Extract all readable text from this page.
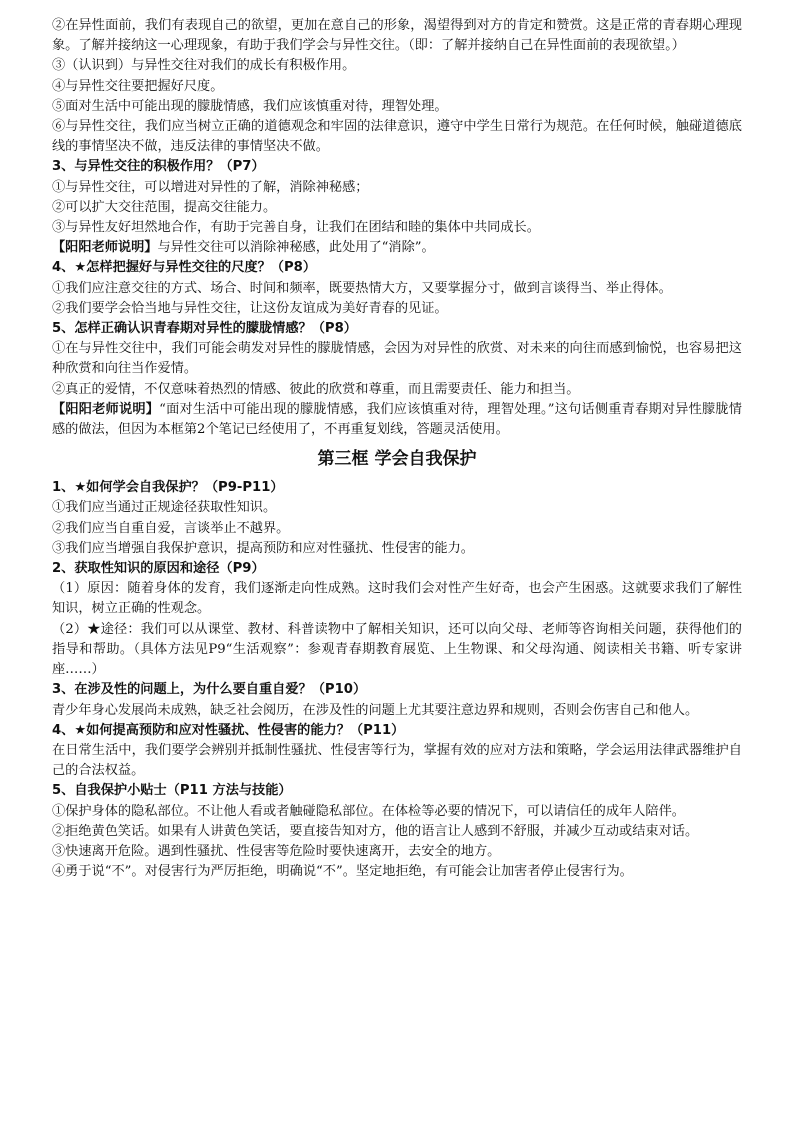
②在异性面前，我们有表现自己的欲望，更加在意自己的形象，渴望得到对方的肯定和赞赏。这是正常的青春期心理现象。了解并接纳这一心理现象，有助于我们学会与异性交往。（即：了解并接纳自己在异性面前的表现欲望。）

③（认识到）与异性交往对我们的成长有积极作用。

④与异性交往要把握好尺度。

⑤面对生活中可能出现的朦胧情感，我们应该慎重对待，理智处理。

⑥与异性交往，我们应当树立正确的道德观念和牢固的法律意识，遵守中学生日常行为规范。在任何时候，触碰道德底线的事情坚决不做，违反法律的事情坚决不做。

3、与异性交往的积极作用？（P7）

①与异性交往，可以增进对异性的了解，消除神秘感；

②可以扩大交往范围，提高交往能力。

③与异性友好坦然地合作，有助于完善自身，让我们在团结和睦的集体中共同成长。

【阳阳老师说明】与异性交往可以消除神秘感，此处用了“消除”。

4、★怎样把握好与异性交往的尺度？（P8）

①我们应注意交往的方式、场合、时间和频率，既要热情大方，又要掌握分寸，做到言谈得当、举止得体。

②我们要学会恰当地与异性交往，让这份友谊成为美好青春的见证。

5、怎样正确认识青春期对异性的朦胧情感？（P8）

①在与异性交往中，我们可能会萌发对异性的朦胧情感，会因为对异性的欣赏、对未来的向往而感到愉悦，也容易把这种欣赏和向往当作爱情。

②真正的爱情，不仅意味着热烈的情感、彼此的欣赏和尊重，而且需要责任、能力和担当。

【阳阳老师说明】“面对生活中可能出现的朦胧情感，我们应该慎重对待，理智处理。”这句话侧重青春期对异性朦胧情感的做法，但因为本框第2个笔记已经使用了，不再重复划线，答题灵活使用。

第三框 学会自我保护

1、★如何学会自我保护？（P9-P11）

①我们应当通过正规途径获取性知识。

②我们应当自重自爱，言谈举止不越界。

③我们应当增强自我保护意识，提高预防和应对性骚扰、性侵害的能力。

2、获取性知识的原因和途径（P9）

（1）原因：随着身体的发育，我们逐渐走向性成熟。这时我们会对性产生好奇，也会产生困惑。这就要求我们了解性知识，树立正确的性观念。

（2）★途径：我们可以从课堂、教材、科普读物中了解相关知识，还可以向父母、老师等咨询相关问题，获得他们的指导和帮助。（具体方法见P9“生活观察”：参观青春期教育展览、上生物课、和父母沟通、阅读相关书籍、听专家讲座……）

3、在涉及性的问题上，为什么要自重自爱？（P10）

青少年身心发展尚未成熟，缺乏社会阅历，在涉及性的问题上尤其要注意边界和规则，否则会伤害自己和他人。

4、★如何提高预防和应对性骚扰、性侵害的能力？（P11）

在日常生活中，我们要学会辨别并抵制性骚扰、性侵害等行为，掌握有效的应对方法和策略，学会运用法律武器维护自己的合法权益。

5、自我保护小贴士（P11 方法与技能）

①保护身体的隐私部位。不让他人看或者触碰隐私部位。在体检等必要的情况下，可以请信任的成年人陪伴。

②拒绝黄色笑话。如果有人讲黄色笑话，要直接告知对方，他的语言让人感到不舒服，并减少互动或结束对话。

③快速离开危险。遇到性骚扰、性侵害等危险时要快速离开，去安全的地方。

④勇于说“不”。对侵害行为严厉拒绝，明确说“不”。坚定地拒绝，有可能会让加害者停止侵害行为。
